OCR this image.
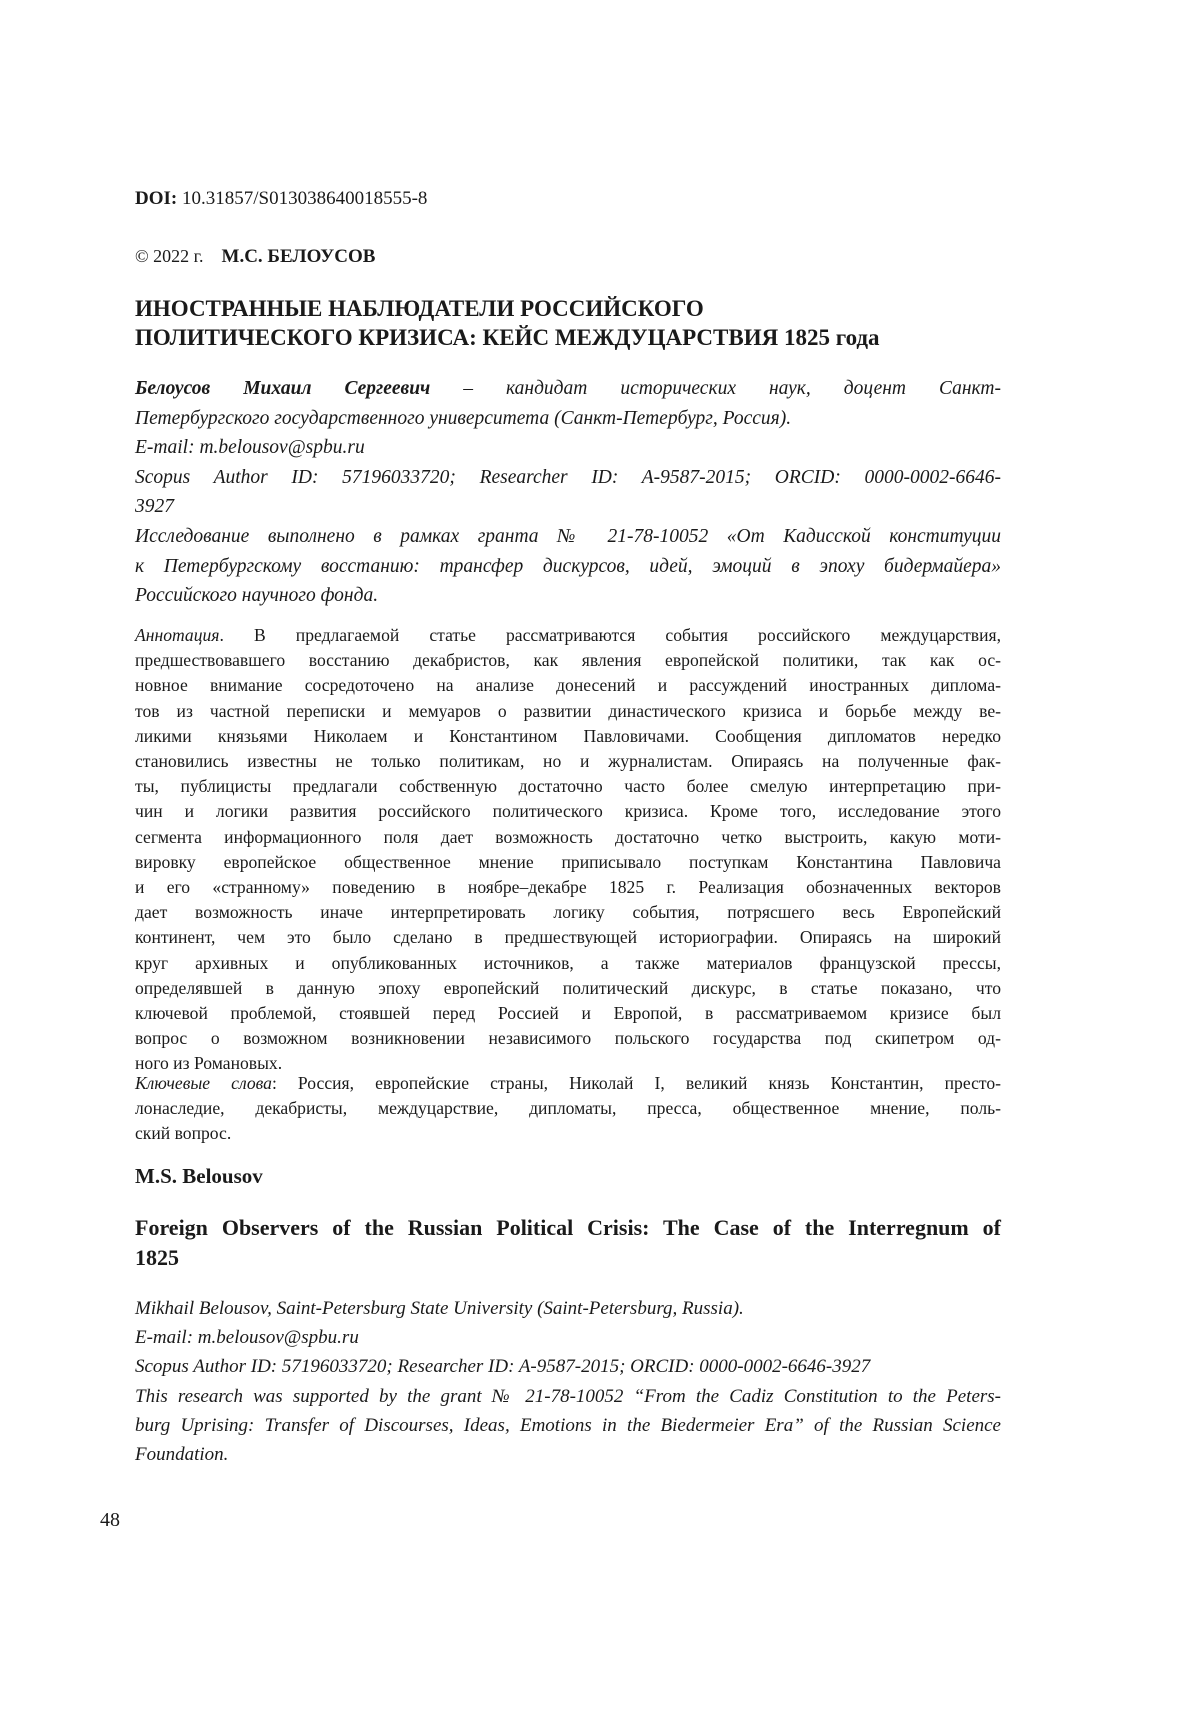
DOI: 10.31857/S013038640018555-8
© 2022 г. М.С. БЕЛОУСОВ
ИНОСТРАННЫЕ НАБЛЮДАТЕЛИ РОССИЙСКОГО
ПОЛИТИЧЕСКОГО КРИЗИСА: КЕЙС МЕЖДУЦАРСТВИЯ 1825 года
Белоусов Михаил Сергеевич – кандидат исторических наук, доцент Санкт-
Петербургского государственного университета (Санкт-Петербург, Россия).
E-mail: m.belousov@spbu.ru
Scopus Author ID: 57196033720; Researcher ID: A-9587-2015; ORCID: 0000-0002-6646-
3927
Исследование выполнено в рамках гранта № 21-78-10052 «От Кадисской конституции
к Петербургскому восстанию: трансфер дискурсов, идей, эмоций в эпоху бидермайера»
Российского научного фонда.
Аннотация. В предлагаемой статье рассматриваются события российского междуцарствия,
предшествовавшего восстанию декабристов, как явления европейской политики, так как ос-
новное внимание сосредоточено на анализе донесений и рассуждений иностранных диплома-
тов из частной переписки и мемуаров о развитии династического кризиса и борьбе между ве-
ликими князьями Николаем и Константином Павловичами. Сообщения дипломатов нередко
становились известны не только политикам, но и журналистам. Опираясь на полученные фак-
ты, публицисты предлагали собственную достаточно часто более смелую интерпретацию при-
чин и логики развития российского политического кризиса. Кроме того, исследование этого
сегмента информационного поля дает возможность достаточно четко выстроить, какую моти-
вировку европейское общественное мнение приписывало поступкам Константина Павловича
и его «странному» поведению в ноябре–декабре 1825 г. Реализация обозначенных векторов
дает возможность иначе интерпретировать логику события, потрясшего весь Европейский
континент, чем это было сделано в предшествующей историографии. Опираясь на широкий
круг архивных и опубликованных источников, а также материалов французской прессы,
определявшей в данную эпоху европейский политический дискурс, в статье показано, что
ключевой проблемой, стоявшей перед Россией и Европой, в рассматриваемом кризисе был
вопрос о возможном возникновении независимого польского государства под скипетром од-
ного из Романовых.
Ключевые слова: Россия, европейские страны, Николай I, великий князь Константин, престо-
лонаследие, декабристы, междуцарствие, дипломаты, пресса, общественное мнение, поль-
ский вопрос.
M.S. Belousov
Foreign Observers of the Russian Political Crisis: The Case of the Interregnum of
1825
Mikhail Belousov, Saint-Petersburg State University (Saint-Petersburg, Russia).
E-mail: m.belousov@spbu.ru
Scopus Author ID: 57196033720; Researcher ID: A-9587-2015; ORCID: 0000-0002-6646-3927
This research was supported by the grant № 21-78-10052 “From the Cadiz Constitution to the Peters-
burg Uprising: Transfer of Discourses, Ideas, Emotions in the Biedermeier Era” of the Russian Science
Foundation.
48
